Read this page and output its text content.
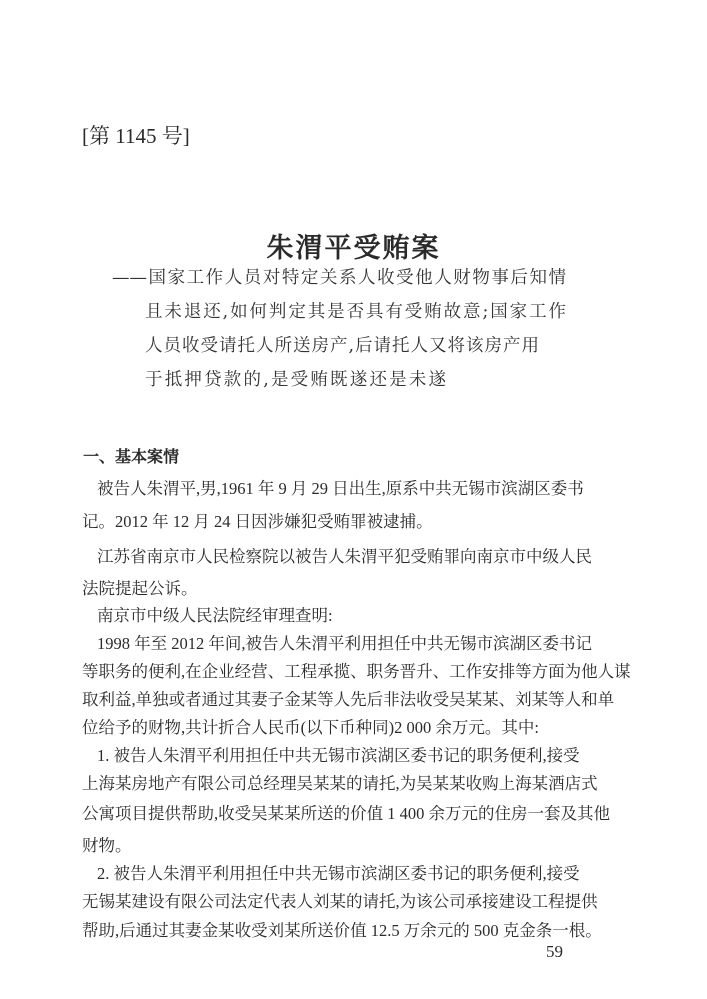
[第 1145 号]
朱渭平受贿案
——国家工作人员对特定关系人收受他人财物事后知情
且未退还,如何判定其是否具有受贿故意;国家工作
人员收受请托人所送房产,后请托人又将该房产用
于抵押贷款的,是受贿既遂还是未遂
一、基本案情
被告人朱渭平,男,1961 年 9 月 29 日出生,原系中共无锡市滨湖区委书
记。2012 年 12 月 24 日因涉嫌犯受贿罪被逮捕。
江苏省南京市人民检察院以被告人朱渭平犯受贿罪向南京市中级人民
法院提起公诉。
南京市中级人民法院经审理查明:
1998 年至 2012 年间,被告人朱渭平利用担任中共无锡市滨湖区委书记
等职务的便利,在企业经营、工程承揽、职务晋升、工作安排等方面为他人谋
取利益,单独或者通过其妻子金某等人先后非法收受吴某某、刘某等人和单
位给予的财物,共计折合人民币(以下币种同)2 000 余万元。其中:
1. 被告人朱渭平利用担任中共无锡市滨湖区委书记的职务便利,接受
上海某房地产有限公司总经理吴某某的请托,为吴某某收购上海某酒店式
公寓项目提供帮助,收受吴某某所送的价值 1 400 余万元的住房一套及其他
财物。
2. 被告人朱渭平利用担任中共无锡市滨湖区委书记的职务便利,接受
无锡某建设有限公司法定代表人刘某的请托,为该公司承接建设工程提供
帮助,后通过其妻金某收受刘某所送价值 12.5 万余元的 500 克金条一根。
59
